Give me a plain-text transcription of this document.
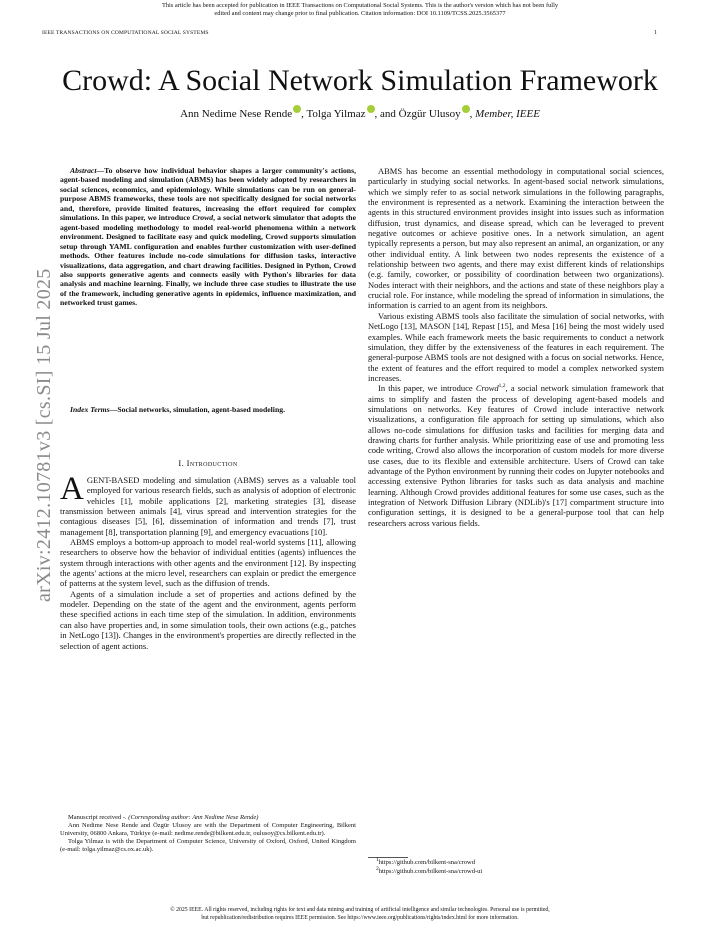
This article has been accepted for publication in IEEE Transactions on Computational Social Systems. This is the author's version which has not been fully
edited and content may change prior to final publication. Citation information: DOI 10.1109/TCSS.2025.3565377
IEEE TRANSACTIONS ON COMPUTATIONAL SOCIAL SYSTEMS	1
Crowd: A Social Network Simulation Framework
Ann Nedime Nese Rende , Tolga Yilmaz , and Özgür Ulusoy , Member, IEEE
arXiv:2412.10781v3 [cs.SI] 15 Jul 2025

Abstract—To observe how individual behavior shapes a larger community's actions, agent-based modeling and simulation (ABMS) has been widely adopted by researchers in social sciences, economics, and epidemiology. While simulations can be run on general-purpose ABMS frameworks, these tools are not specifically designed for social networks and, therefore, provide limited features, increasing the effort required for complex simulations. In this paper, we introduce Crowd, a social network simulator that adopts the agent-based modeling methodology to model real-world phenomena within a network environment. Designed to facilitate easy and quick modeling, Crowd supports simulation setup through YAML configuration and enables further customization with user-defined methods. Other features include no-code simulations for diffusion tasks, interactive visualizations, data aggregation, and chart drawing facilities. Designed in Python, Crowd also supports generative agents and connects easily with Python's libraries for data analysis and machine learning. Finally, we include three case studies to illustrate the use of the framework, including generative agents in epidemics, influence maximization, and networked trust games.

Index Terms—Social networks, simulation, agent-based modeling.

I. Introduction

AGENT-BASED modeling and simulation (ABMS) serves as a valuable tool employed for various research fields, such as analysis of adoption of electronic vehicles [1], mobile applications [2], marketing strategies [3], disease transmission between animals [4], virus spread and intervention strategies for the contagious diseases [5], [6], dissemination of information and trends [7], trust management [8], transportation planning [9], and emergency evacuations [10].

ABMS employs a bottom-up approach to model real-world systems [11], allowing researchers to observe how the behavior of individual entities (agents) influences the system through interactions with other agents and the environment [12]. By inspecting the agents' actions at the micro level, researchers can explain or predict the emergence of patterns at the system level, such as the diffusion of trends.

Agents of a simulation include a set of properties and actions defined by the modeler. Depending on the state of the agent and the environment, agents perform these specified actions in each time step of the simulation. In addition, environments can also have properties and, in some simulation tools, their own actions (e.g., patches in NetLogo [13]). Changes in the environment's properties are directly reflected in the selection of agent actions.

ABMS has become an essential methodology in computational social sciences, particularly in studying social networks. In agent-based social network simulations, which we simply refer to as social network simulations in the following paragraphs, the environment is represented as a network. Examining the interaction between the agents in this structured environment provides insight into issues such as information diffusion, trust dynamics, and disease spread, which can be leveraged to prevent negative outcomes or achieve positive ones. In a network simulation, an agent typically represents a person, but may also represent an animal, an organization, or any other individual entity. A link between two nodes represents the existence of a relationship between two agents, and there may exist different kinds of relationships (e.g. family, coworker, or possibility of coordination between two organizations). Nodes interact with their neighbors, and the actions and state of these neighbors play a crucial role. For instance, while modeling the spread of information in simulations, the information is carried to an agent from its neighbors.

Various existing ABMS tools also facilitate the simulation of social networks, with NetLogo [13], MASON [14], Repast [15], and Mesa [16] being the most widely used examples. While each framework meets the basic requirements to conduct a network simulation, they differ by the extensiveness of the features in each requirement. The general-purpose ABMS tools are not designed with a focus on social networks. Hence, the extent of features and the effort required to model a complex networked system increases.

In this paper, we introduce Crowd$^{1,2}$, a social network simulation framework that aims to simplify and fasten the process of developing agent-based models and simulations on networks. Key features of Crowd include interactive network visualizations, a configuration file approach for setting up simulations, which also allows no-code simulations for diffusion tasks and facilities for merging data and drawing charts for further analysis. While prioritizing ease of use and promoting less code writing, Crowd also allows the incorporation of custom models for more diverse use cases, due to its flexible and extensible architecture. Users of Crowd can take advantage of the Python environment by running their codes on Jupyter notebooks and accessing extensive Python libraries for tasks such as data analysis and machine learning. Although Crowd provides additional features for some use cases, such as the integration of Network Diffusion Library (NDLib)'s [17] compartment structure into configuration settings, it is designed to be a general-purpose tool that can help researchers across various fields.

Manuscript received -. (Corresponding author: Ann Nedime Nese Rende)

Ann Nedime Nese Rende and Özgür Ulusoy are with the Department of Computer Engineering, Bilkent University, 06800 Ankara, Türkiye (e-mail: nedime.rende@bilkent.edu.tr, oulusoy@cs.bilkent.edu.tr).

Tolga Yilmaz is with the Department of Computer Science, University of Oxford, Oxford, United Kingdom (e-mail: tolga.yilmaz@cs.ox.ac.uk).

$^1$https://github.com/bilkent-sna/crowd
$^2$https://github.com/bilkent-sna/crowd-ui
© 2025 IEEE. All rights reserved, including rights for text and data mining and training of artificial intelligence and similar technologies. Personal use is permitted,
but republication/redistribution requires IEEE permission. See https://www.ieee.org/publications/rights/index.html for more information.
